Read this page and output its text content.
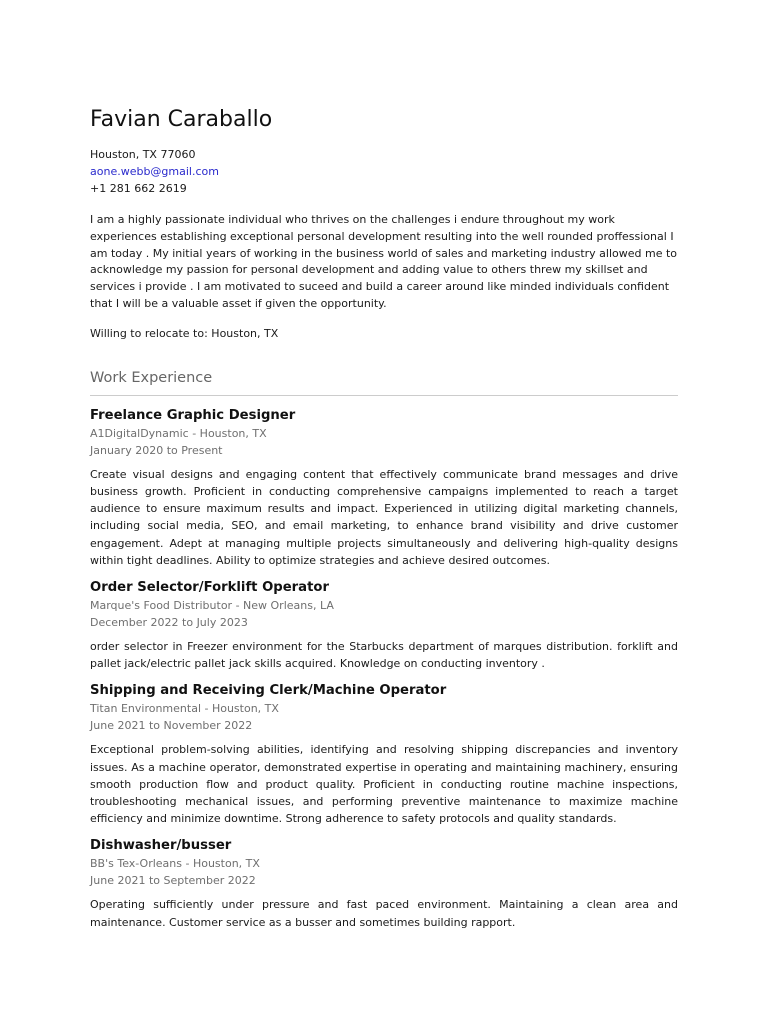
Favian Caraballo

Houston, TX 77060

aone.webb@gmail.com

+1 281 662 2619

I am a highly passionate individual who thrives on the challenges i endure throughout my work experiences establishing exceptional personal development resulting into the well rounded proffessional I am today . My initial years of working in the business world of sales and marketing industry allowed me to acknowledge my passion for personal development and adding value to others threw my skillset and services i provide . I am motivated to suceed and build a career around like minded individuals confident that I will be a valuable asset if given the opportunity.

Willing to relocate to: Houston, TX

Work Experience
Freelance Graphic Designer
A1DigitalDynamic - Houston, TX
January 2020 to Present

Create visual designs and engaging content that effectively communicate brand messages and drive business growth. Proficient in conducting comprehensive campaigns implemented to reach a target audience to ensure maximum results and impact. Experienced in utilizing digital marketing channels, including social media, SEO, and email marketing, to enhance brand visibility and drive customer engagement. Adept at managing multiple projects simultaneously and delivering high-quality designs within tight deadlines. Ability to optimize strategies and achieve desired outcomes.

Order Selector/Forklift Operator
Marque's Food Distributor - New Orleans, LA
December 2022 to July 2023

order selector in Freezer environment for the Starbucks department of marques distribution. forklift and pallet jack/electric pallet jack skills acquired. Knowledge on conducting inventory .

Shipping and Receiving Clerk/Machine Operator
Titan Environmental - Houston, TX
June 2021 to November 2022

Exceptional problem-solving abilities, identifying and resolving shipping discrepancies and inventory issues. As a machine operator, demonstrated expertise in operating and maintaining machinery, ensuring smooth production flow and product quality. Proficient in conducting routine machine inspections, troubleshooting mechanical issues, and performing preventive maintenance to maximize machine efficiency and minimize downtime. Strong adherence to safety protocols and quality standards.

Dishwasher/busser
BB's Tex-Orleans - Houston, TX
June 2021 to September 2022

Operating sufficiently under pressure and fast paced environment. Maintaining a clean area and maintenance. Customer service as a busser and sometimes building rapport.
